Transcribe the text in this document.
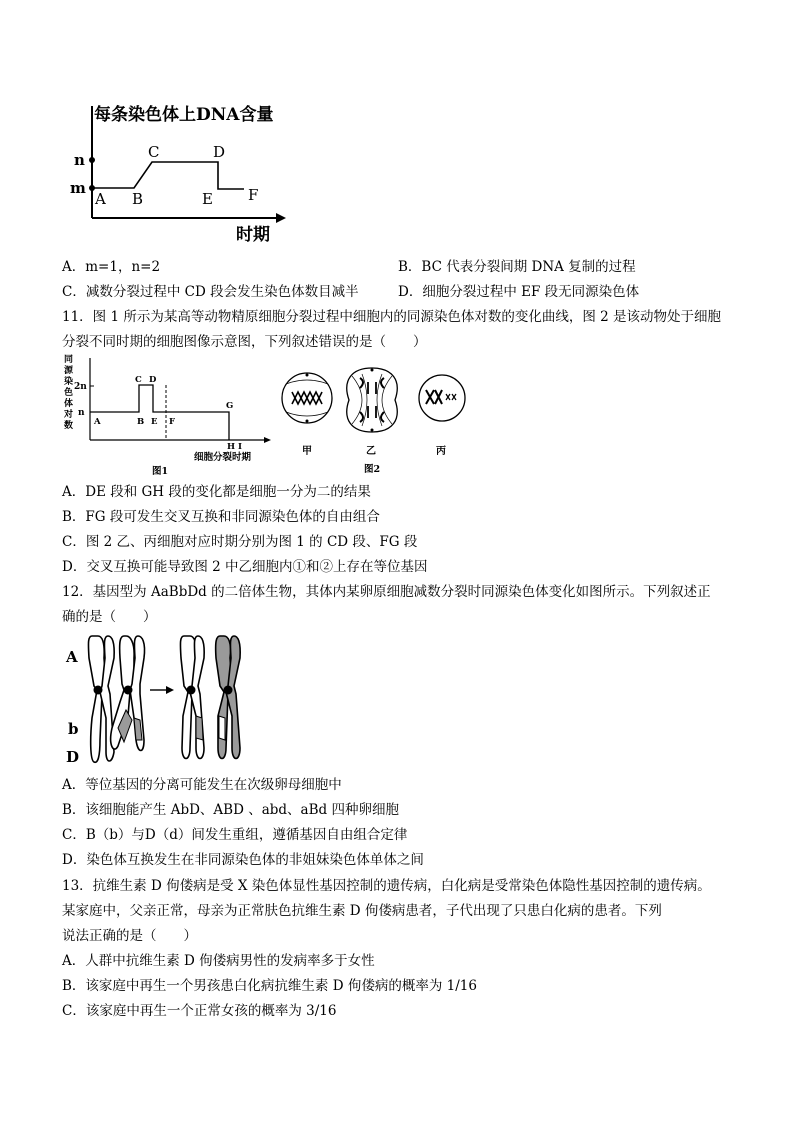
每条染色体上DNA含量
时期
n
m
A B
C	D
E F
A．m=1，n=2	B．BC 代表分裂间期 DNA 复制的过程
C．减数分裂过程中 CD 段会发生染色体数目减半	D．细胞分裂过程中 EF 段无同源染色体
11．图 1 所示为某高等动物精原细胞分裂过程中细胞内的同源染色体对数的变化曲线，图 2 是该动物处于细胞
分裂不同时期的细胞图像示意图，下列叙述错误的是（　　）
同
源
染
色
体
对
数
2n
n
A	B
C D
E F
G
H I
细胞分裂时期
图1
甲	乙	丙
图2
A．DE 段和 GH 段的变化都是细胞一分为二的结果
B．FG 段可发生交叉互换和非同源染色体的自由组合
C．图 2 乙、丙细胞对应时期分别为图 1 的 CD 段、FG 段
D．交叉互换可能导致图 2 中乙细胞内①和②上存在等位基因
12．基因型为 AaBbDd 的二倍体生物，其体内某卵原细胞减数分裂时同源染色体变化如图所示。下列叙述正
确的是（　　）
A
b
D
A．等位基因的分离可能发生在次级卵母细胞中
B．该细胞能产生 AbD、ABD 、abd、aBd 四种卵细胞
C．B（b）与D（d）间发生重组，遵循基因自由组合定律
D．染色体互换发生在非同源染色体的非姐妹染色体单体之间
13．抗维生素 D 佝偻病是受 X 染色体显性基因控制的遗传病，白化病是受常染色体隐性基因控制的遗传病。
某家庭中，父亲正常，母亲为正常肤色抗维生素 D 佝偻病患者，子代出现了只患白化病的患者。下列
说法正确的是（　　）
A．人群中抗维生素 D 佝偻病男性的发病率多于女性
B．该家庭中再生一个男孩患白化病抗维生素 D 佝偻病的概率为 1/16
C．该家庭中再生一个正常女孩的概率为 3/16
